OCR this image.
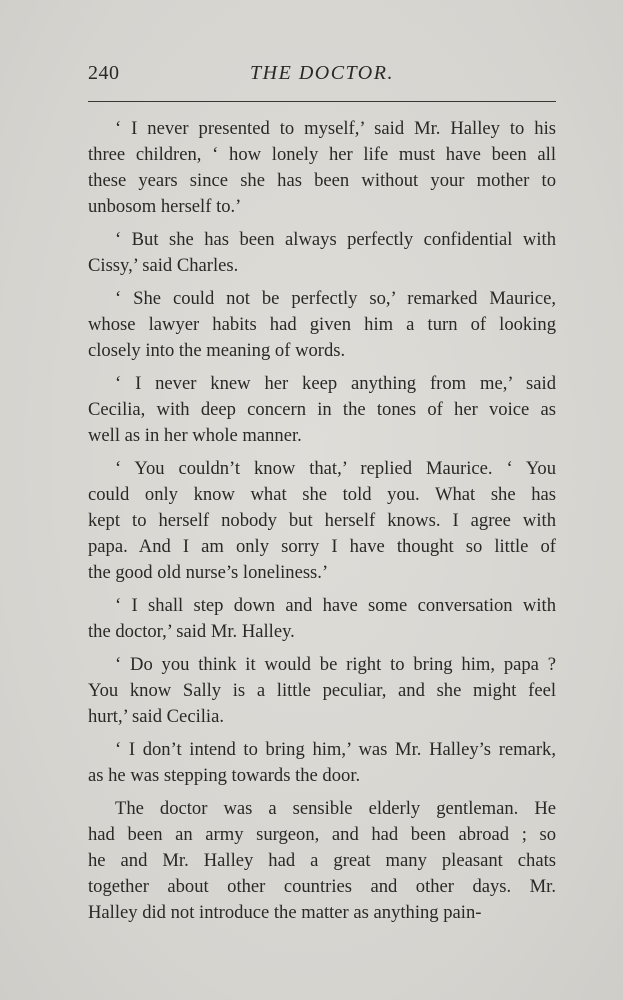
240	THE DOCTOR.

‘ I never presented to myself,’ said Mr. Halley to his
three children, ‘ how lonely her life must have been all
these years since she has been without your mother to
unbosom herself to.’

‘ But she has been always perfectly confidential with
Cissy,’ said Charles.

‘ She could not be perfectly so,’ remarked Maurice,
whose lawyer habits had given him a turn of looking
closely into the meaning of words.

‘ I never knew her keep anything from me,’ said
Cecilia, with deep concern in the tones of her voice as
well as in her whole manner.

‘ You couldn’t know that,’ replied Maurice. ‘ You
could only know what she told you. What she has
kept to herself nobody but herself knows. I agree with
papa. And I am only sorry I have thought so little of
the good old nurse’s loneliness.’

‘ I shall step down and have some conversation with
the doctor,’ said Mr. Halley.

‘ Do you think it would be right to bring him, papa ?
You know Sally is a little peculiar, and she might feel
hurt,’ said Cecilia.

‘ I don’t intend to bring him,’ was Mr. Halley’s remark,
as he was stepping towards the door.

The doctor was a sensible elderly gentleman. He
had been an army surgeon, and had been abroad ; so
he and Mr. Halley had a great many pleasant chats
together about other countries and other days. Mr.
Halley did not introduce the matter as anything pain-
